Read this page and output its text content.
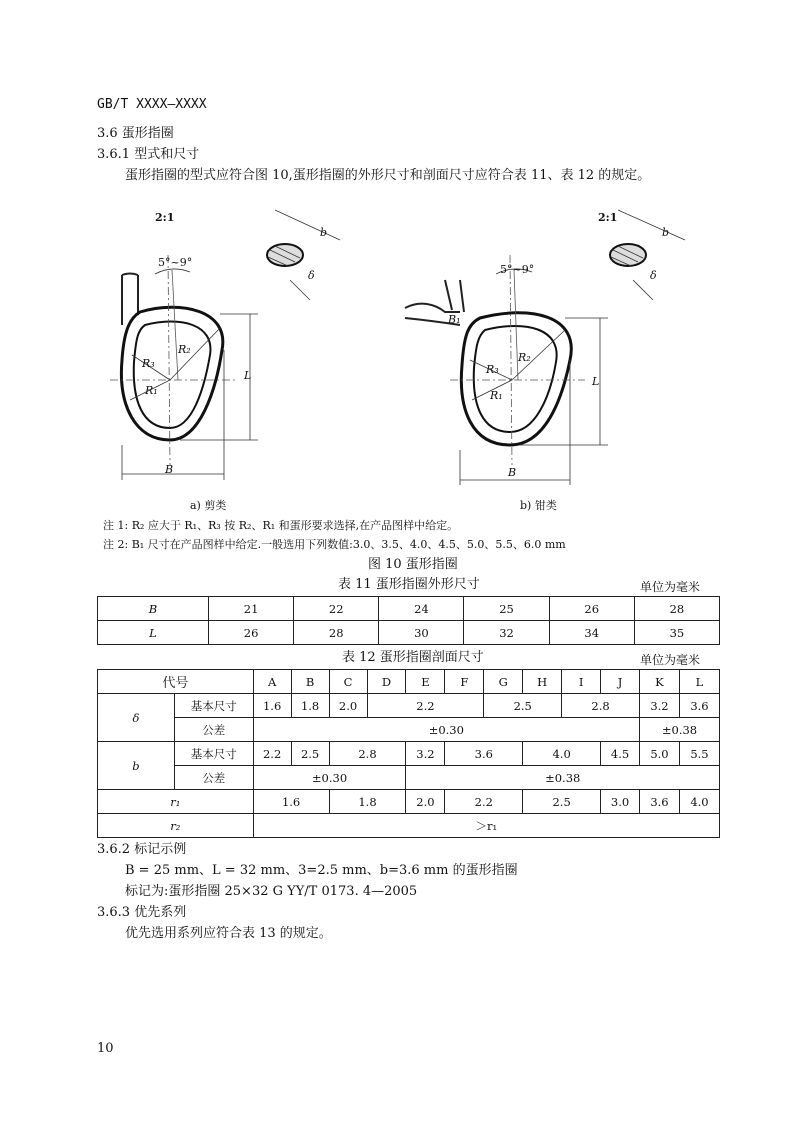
GB/T XXXX—XXXX
3.6 蛋形指圈
3.6.1 型式和尺寸
蛋形指圈的型式应符合图 10,蛋形指圈的外形尺寸和剖面尺寸应符合表 11、表 12 的规定。
2:1
5°~9°
L
B
R₂
R₃
R₁
b
δ
a) 剪类
2:1
5°~9°
L
B
B₁
R₂
R₃
R₁
b
δ
b) 钳类
注 1: R₂ 应大于 R₁、R₃ 按 R₂、R₁ 和蛋形要求选择,在产品图样中给定。
注 2: B₁ 尺寸在产品图样中给定.一般选用下列数值:3.0、3.5、4.0、4.5、5.0、5.5、6.0 mm
图 10 蛋形指圈
表 11 蛋形指圈外形尺寸	单位为毫米
B	21	22	24	25	26	28
L	26	28	30	32	34	35
表 12 蛋形指圈剖面尺寸	单位为毫米
代号		A	B	C	D	E	F	G	H	I	J	K	L
δ	基本尺寸	1.6	1.8	2.0	2.2			2.5		2.8		3.2	3.6
	公差	±0.30										±0.38	
b	基本尺寸	2.2	2.5	2.8		3.2	3.6		4.0		4.5	5.0	5.5
	公差	±0.30				±0.38							
r₁		1.6		1.8		2.0	2.2		2.5		3.0	3.6	4.0
r₂		＞r₁											
3.6.2 标记示例
B = 25 mm、L = 32 mm、3=2.5 mm、b=3.6 mm 的蛋形指圈
标记为:蛋形指圈 25×32 G YY/T 0173. 4—2005
3.6.3 优先系列
优先选用系列应符合表 13 的规定。
10
